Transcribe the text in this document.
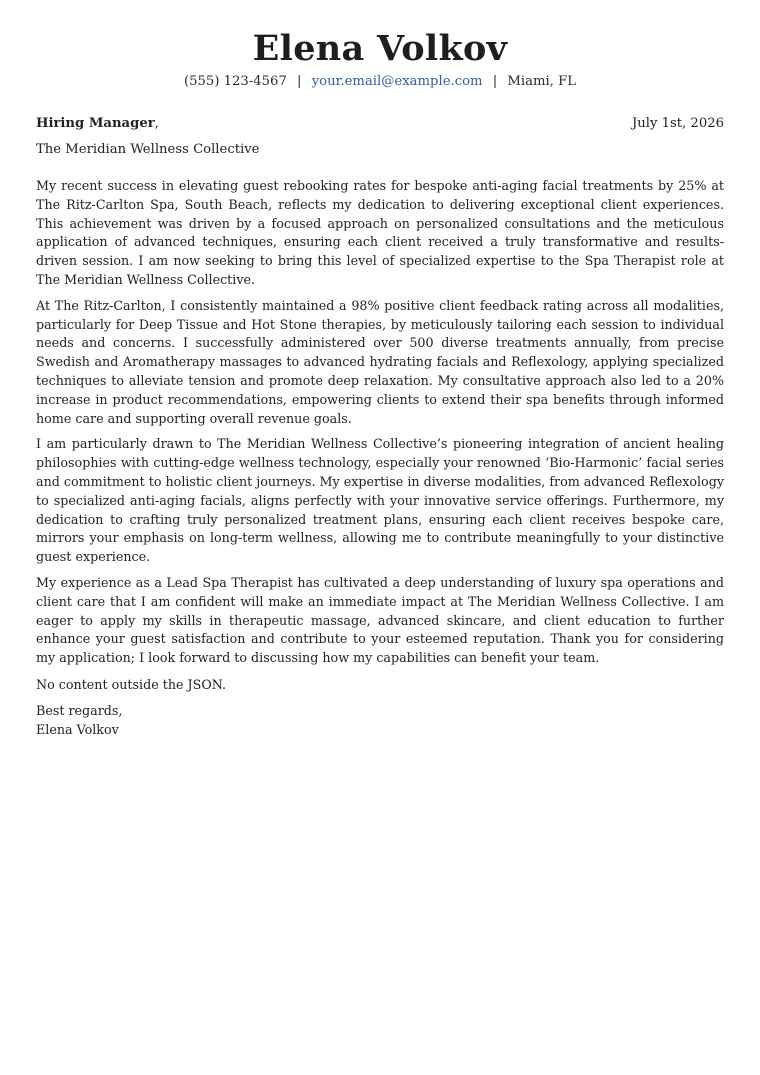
Elena Volkov
(555) 123-4567 | your.email@example.com | Miami, FL
Hiring Manager,	July 1st, 2026
The Meridian Wellness Collective

My recent success in elevating guest rebooking rates for bespoke anti-aging facial treatments by 25% at The Ritz-Carlton Spa, South Beach, reflects my dedication to delivering exceptional client experiences. This achievement was driven by a focused approach on personalized consultations and the meticulous application of advanced techniques, ensuring each client received a truly transformative and results-driven session. I am now seeking to bring this level of specialized expertise to the Spa Therapist role at The Meridian Wellness Collective.

At The Ritz-Carlton, I consistently maintained a 98% positive client feedback rating across all modalities, particularly for Deep Tissue and Hot Stone therapies, by meticulously tailoring each session to individual needs and concerns. I successfully administered over 500 diverse treatments annually, from precise Swedish and Aromatherapy massages to advanced hydrating facials and Reflexology, applying specialized techniques to alleviate tension and promote deep relaxation. My consultative approach also led to a 20% increase in product recommendations, empowering clients to extend their spa benefits through informed home care and supporting overall revenue goals.

I am particularly drawn to The Meridian Wellness Collective’s pioneering integration of ancient healing philosophies with cutting-edge wellness technology, especially your renowned ‘Bio-Harmonic’ facial series and commitment to holistic client journeys. My expertise in diverse modalities, from advanced Reflexology to specialized anti-aging facials, aligns perfectly with your innovative service offerings. Furthermore, my dedication to crafting truly personalized treatment plans, ensuring each client receives bespoke care, mirrors your emphasis on long-term wellness, allowing me to contribute meaningfully to your distinctive guest experience.

My experience as a Lead Spa Therapist has cultivated a deep understanding of luxury spa operations and client care that I am confident will make an immediate impact at The Meridian Wellness Collective. I am eager to apply my skills in therapeutic massage, advanced skincare, and client education to further enhance your guest satisfaction and contribute to your esteemed reputation. Thank you for considering my application; I look forward to discussing how my capabilities can benefit your team.

No content outside the JSON.
Best regards,
Elena Volkov
